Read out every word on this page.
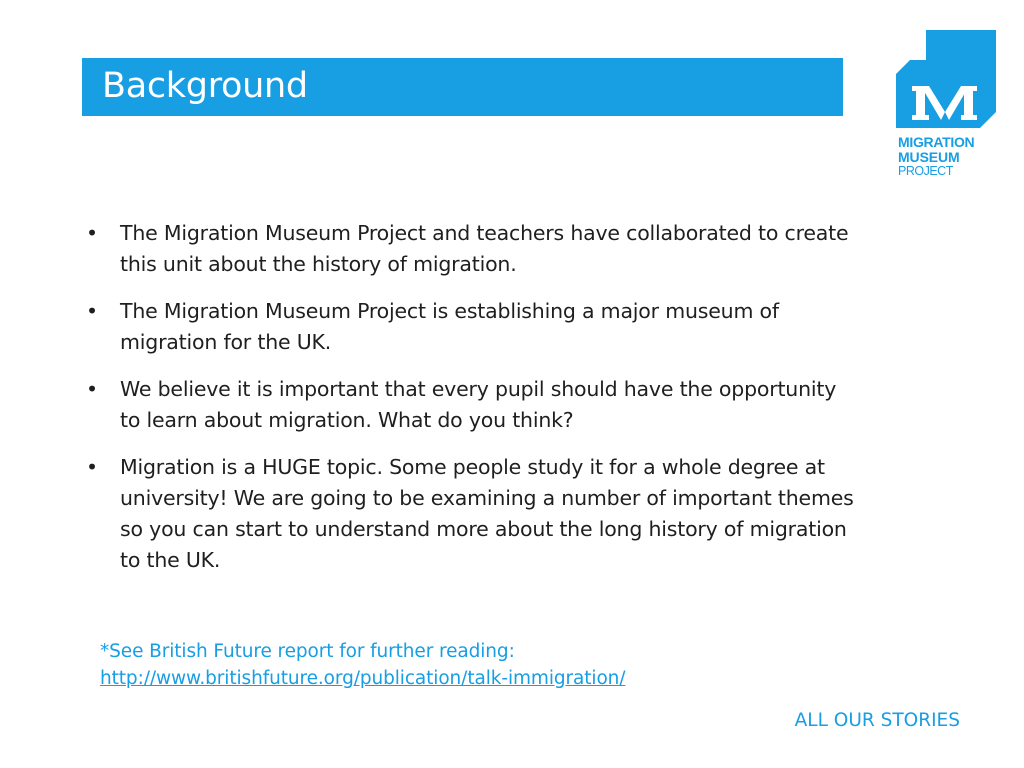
Background
MIGRATION
MUSEUM
PROJECT
• The Migration Museum Project and teachers have collaborated to create this unit about the history of migration.
• The Migration Museum Project is establishing a major museum of migration for the UK.
• We believe it is important that every pupil should have the opportunity to learn about migration. What do you think?
• Migration is a HUGE topic. Some people study it for a whole degree at university! We are going to be examining a number of important themes so you can start to understand more about the long history of migration to the UK.
*See British Future report for further reading:
http://www.britishfuture.org/publication/talk-immigration/
ALL OUR STORIES
